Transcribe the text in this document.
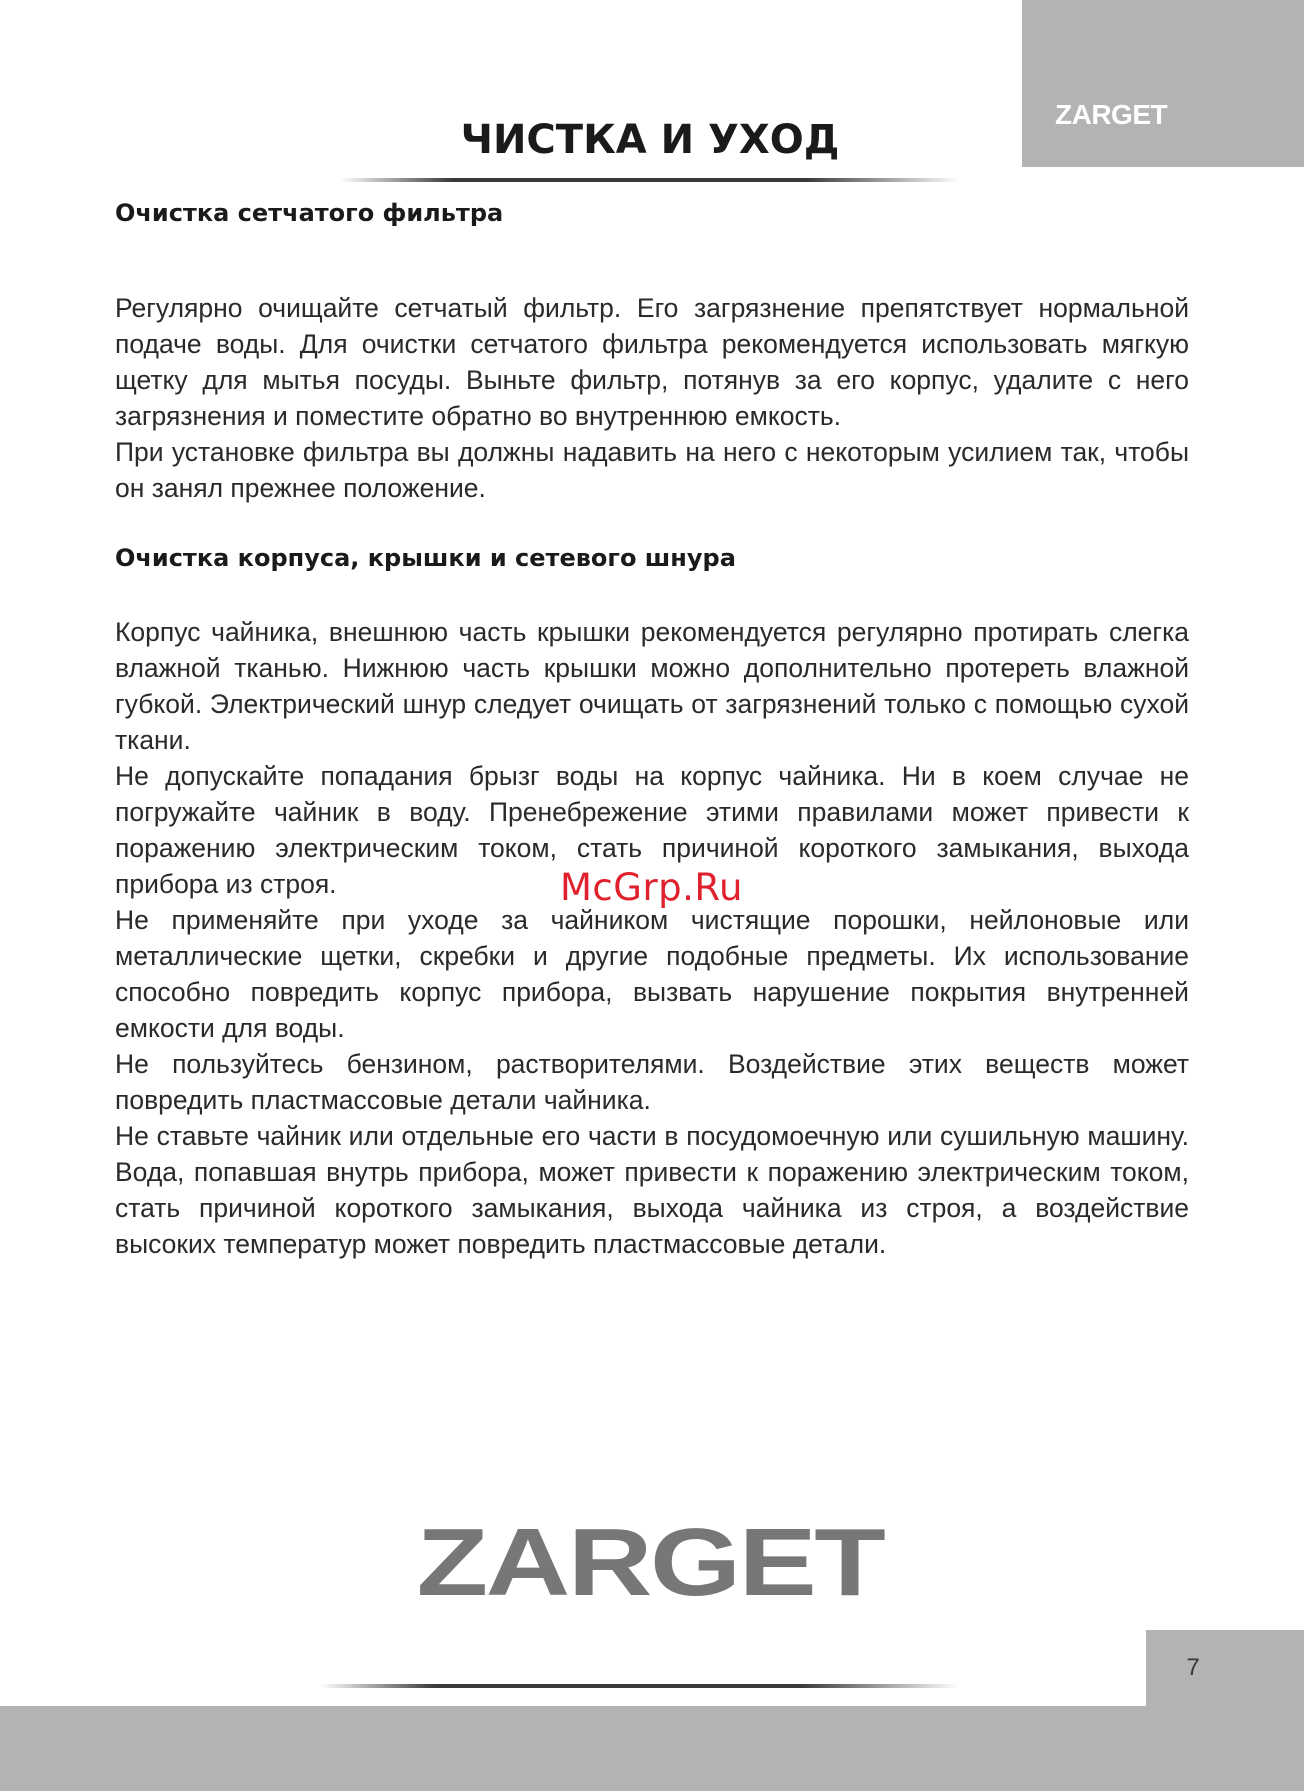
ZARGET
ЧИСТКА И УХОД
Очистка сетчатого фильтра

Регулярно очищайте сетчатый фильтр. Его загрязнение препятствует нормальной подаче воды. Для очистки сетчатого фильтра рекомендуется использовать мягкую щетку для мытья посуды. Выньте фильтр, потянув за его корпус, удалите с него загрязнения и поместите обратно во внутреннюю емкость.

При установке фильтра вы должны надавить на него с некоторым усилием так, чтобы он занял прежнее положение.

Очистка корпуса, крышки и сетевого шнура

Корпус чайника, внешнюю часть крышки рекомендуется регулярно протирать слегка влажной тканью. Нижнюю часть крышки можно дополнительно протереть влажной губкой. Электрический шнур следует очищать от загрязнений только с помощью сухой ткани.

Не допускайте попадания брызг воды на корпус чайника. Ни в коем случае не погружайте чайник в воду. Пренебрежение этими правилами может привести к поражению электрическим током, стать причиной короткого замыкания, выхода прибора из строя.

Не применяйте при уходе за чайником чистящие порошки, нейлоновые или металлические щетки, скребки и другие подобные предметы. Их использование способно повредить корпус прибора, вызвать нарушение покрытия внутренней емкости для воды.

Не пользуйтесь бензином, растворителями. Воздействие этих веществ может повредить пластмассовые детали чайника.

Не ставьте чайник или отдельные его части в посудомоечную или сушильную машину. Вода, попавшая внутрь прибора, может привести к поражению электрическим током, стать причиной короткого замыкания, выхода чайника из строя, а воздействие высоких температур может повредить пластмассовые детали.

McGrp.Ru
ZARGET
7
